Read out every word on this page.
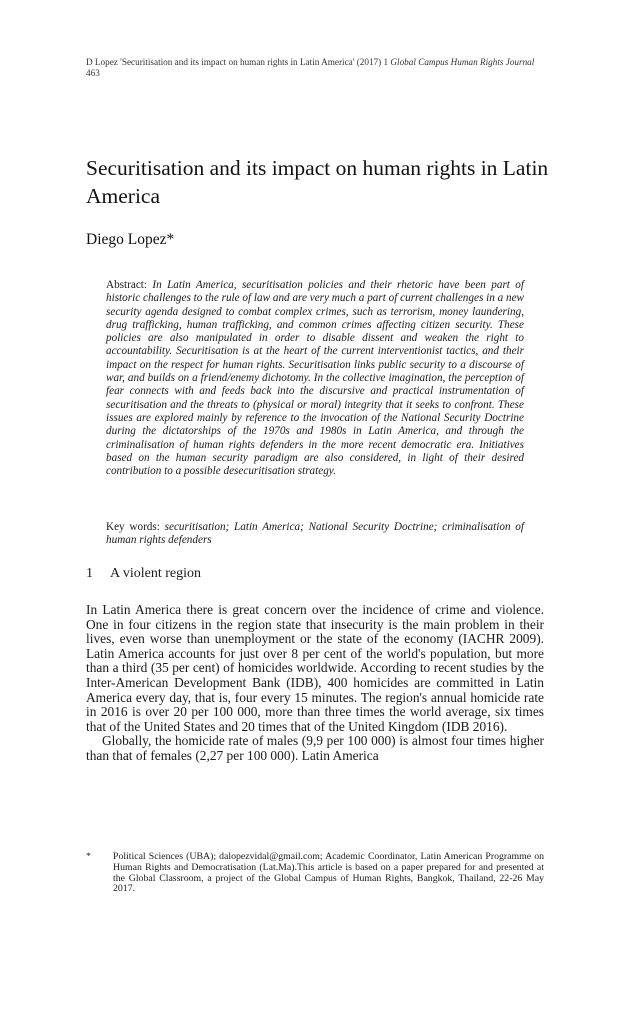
D Lopez 'Securitisation and its impact on human rights in Latin America' (2017) 1 Global Campus Human Rights Journal 463
Securitisation and its impact on human rights in Latin America
Diego Lopez*

Abstract: In Latin America, securitisation policies and their rhetoric have been part of historic challenges to the rule of law and are very much a part of current challenges in a new security agenda designed to combat complex crimes, such as terrorism, money laundering, drug trafficking, human trafficking, and common crimes affecting citizen security. These policies are also manipulated in order to disable dissent and weaken the right to accountability. Securitisation is at the heart of the current interventionist tactics, and their impact on the respect for human rights. Securitisation links public security to a discourse of war, and builds on a friend/enemy dichotomy. In the collective imagination, the perception of fear connects with and feeds back into the discursive and practical instrumentation of securitisation and the threats to (physical or moral) integrity that it seeks to confront. These issues are explored mainly by reference to the invocation of the National Security Doctrine during the dictatorships of the 1970s and 1980s in Latin America, and through the criminalisation of human rights defenders in the more recent democratic era. Initiatives based on the human security paradigm are also considered, in light of their desired contribution to a possible desecuritisation strategy.

Key words: securitisation; Latin America; National Security Doctrine; criminalisation of human rights defenders

1 A violent region

In Latin America there is great concern over the incidence of crime and violence. One in four citizens in the region state that insecurity is the main problem in their lives, even worse than unemployment or the state of the economy (IACHR 2009). Latin America accounts for just over 8 per cent of the world's population, but more than a third (35 per cent) of homicides worldwide. According to recent studies by the Inter-American Development Bank (IDB), 400 homicides are committed in Latin America every day, that is, four every 15 minutes. The region's annual homicide rate in 2016 is over 20 per 100 000, more than three times the world average, six times that of the United States and 20 times that of the United Kingdom (IDB 2016).

Globally, the homicide rate of males (9,9 per 100 000) is almost four times higher than that of females (2,27 per 100 000). Latin America

*	Political Sciences (UBA); dalopezvidal@gmail.com; Academic Coordinator, Latin American Programme on Human Rights and Democratisation (Lat.Ma).This article is based on a paper prepared for and presented at the Global Classroom, a project of the Global Campus of Human Rights, Bangkok, Thailand, 22-26 May 2017.
